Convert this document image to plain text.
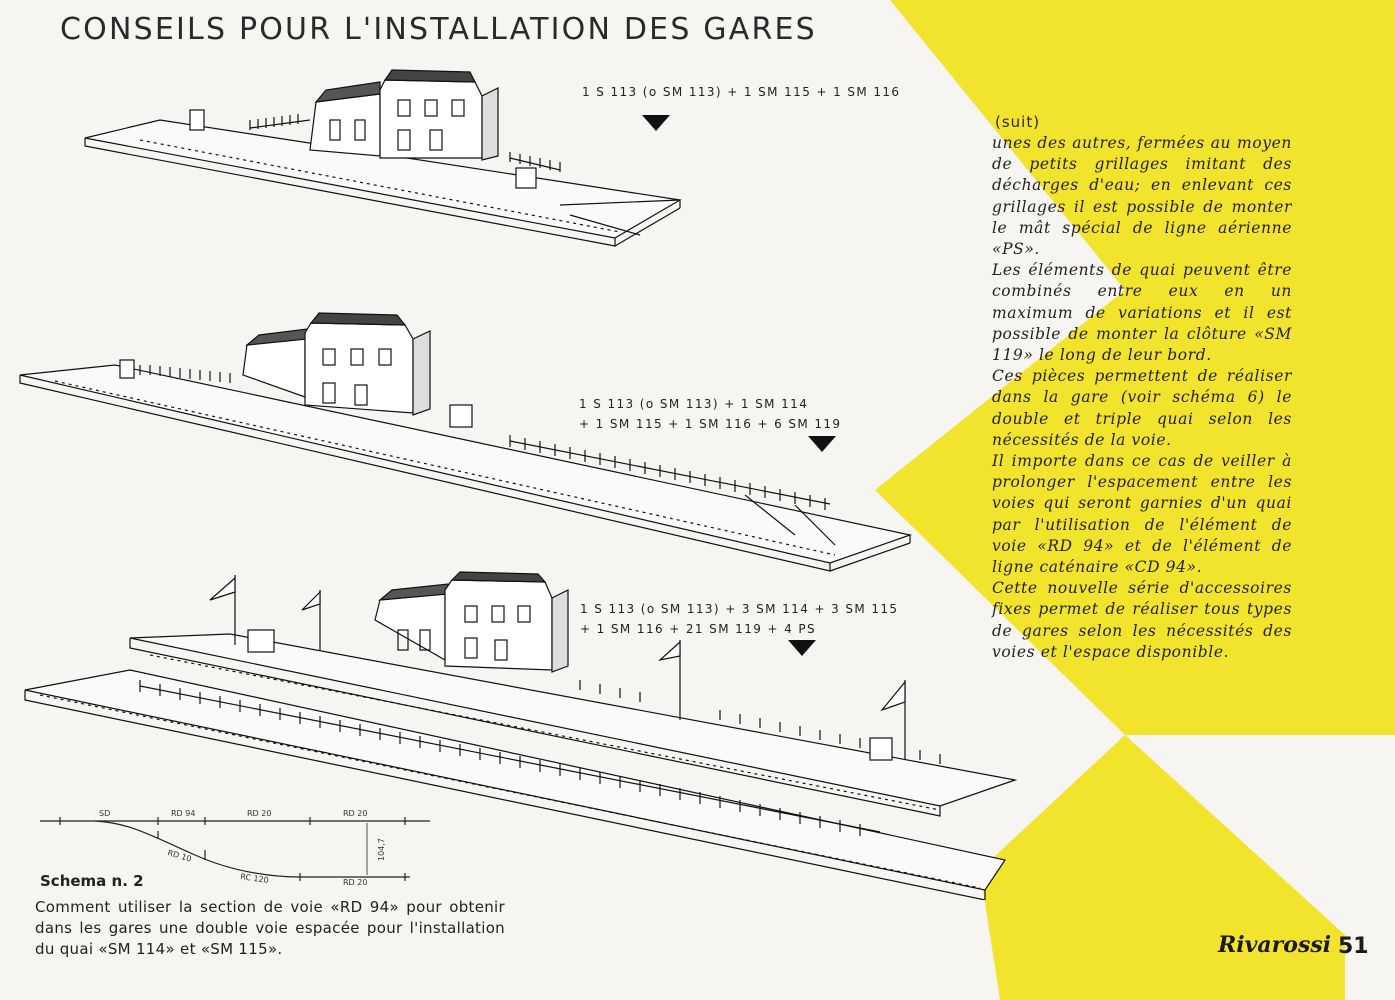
CONSEILS POUR L'INSTALLATION DES GARES
1 S 113 (o SM 113) + 1 SM 115 + 1 SM 116
1 S 113 (o SM 113) + 1 SM 114
+ 1 SM 115 + 1 SM 116 + 6 SM 119
1 S 113 (o SM 113) + 3 SM 114 + 3 SM 115
+ 1 SM 116 + 21 SM 119 + 4 PS
(suit)

unes des autres, fermées au moyen de petits grillages imitant des décharges d'eau; en enlevant ces grillages il est possible de monter le mât spécial de ligne aérienne «PS».

Les éléments de quai peuvent être combinés entre eux en un maximum de variations et il est possible de monter la clôture «SM 119» le long de leur bord.

Ces pièces permettent de réaliser dans la gare (voir schéma 6) le double et triple quai selon les nécessités de la voie.

Il importe dans ce cas de veiller à prolonger l'espacement entre les voies qui seront garnies d'un quai par l'utilisation de l'élément de voie «RD 94» et de l'élément de ligne caténaire «CD 94».

Cette nouvelle série d'accessoires fixes permet de réaliser tous types de gares selon les nécessités des voies et l'espace disponible.

SD	RD 94	RD 20	RD 20
RD 10
RC 120	RD 20
104,7
Schema n. 2
Comment utiliser la section de voie «RD 94» pour obtenir dans les gares une double voie espacée pour l'installation du quai «SM 114» et «SM 115».	Rivarossi 51
